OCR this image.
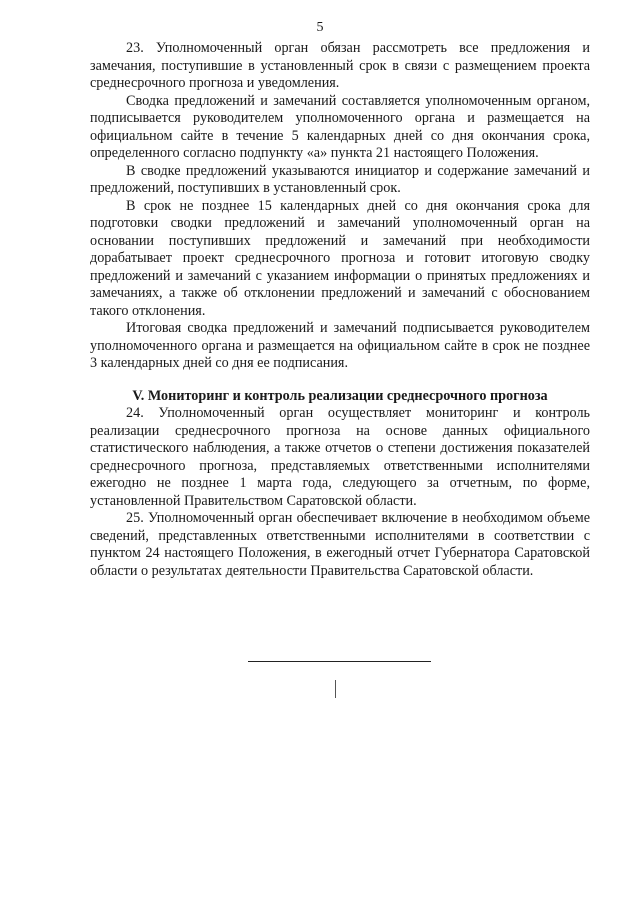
5

23. Уполномоченный орган обязан рассмотреть все предложения и замечания, поступившие в установленный срок в связи с размещением проекта среднесрочного прогноза и уведомления.

Сводка предложений и замечаний составляется уполномоченным органом, подписывается руководителем уполномоченного органа и размещается на официальном сайте в течение 5 календарных дней со дня окончания срока, определенного согласно подпункту «а» пункта 21 настоящего Положения.

В сводке предложений указываются инициатор и содержание замечаний и предложений, поступивших в установленный срок.

В срок не позднее 15 календарных дней со дня окончания срока для подготовки сводки предложений и замечаний уполномоченный орган на основании поступивших предложений и замечаний при необходимости дорабатывает проект среднесрочного прогноза и готовит итоговую сводку предложений и замечаний с указанием информации о принятых предложениях и замечаниях, а также об отклонении предложений и замечаний с обоснованием такого отклонения.

Итоговая сводка предложений и замечаний подписывается руководителем уполномоченного органа и размещается на официальном сайте в срок не позднее 3 календарных дней со дня ее подписания.

V. Мониторинг и контроль реализации среднесрочного прогноза

24. Уполномоченный орган осуществляет мониторинг и контроль реализации среднесрочного прогноза на основе данных официального статистического наблюдения, а также отчетов о степени достижения показателей среднесрочного прогноза, представляемых ответственными исполнителями ежегодно не позднее 1 марта года, следующего за отчетным, по форме, установленной Правительством Саратовской области.

25. Уполномоченный орган обеспечивает включение в необходимом объеме сведений, представленных ответственными исполнителями в соответствии с пунктом 24 настоящего Положения, в ежегодный отчет Губернатора Саратовской области о результатах деятельности Правительства Саратовской области.
